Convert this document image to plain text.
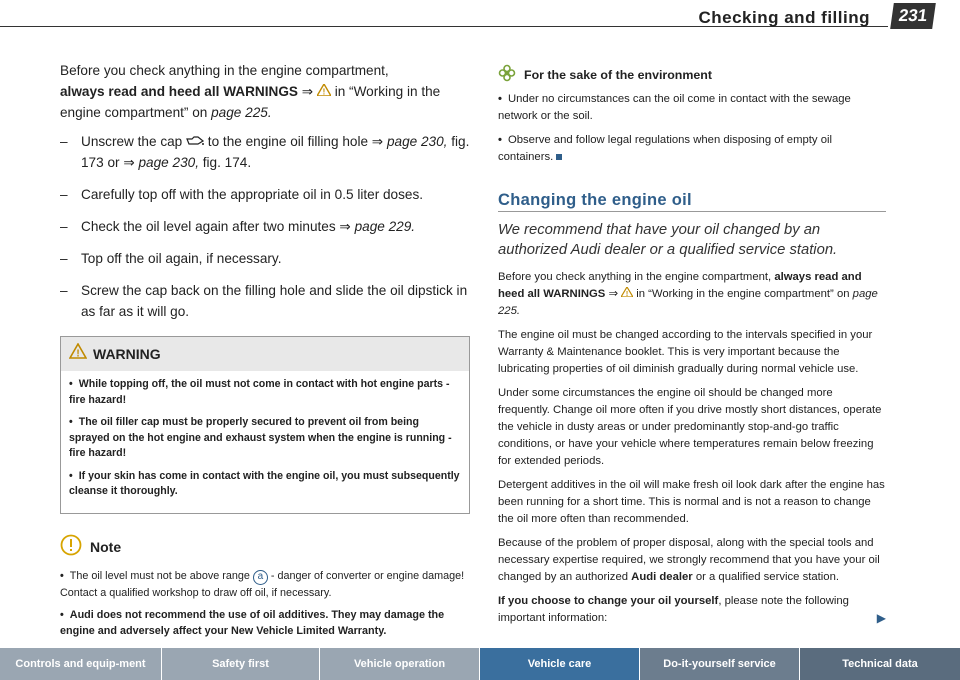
Checking and filling	231

Before you check anything in the engine compartment,
always read and heed all WARNINGS ⇒ ! in “Working in the engine compartment” on page 225.

– Unscrew the cap  to the engine oil filling hole ⇒ page 230, fig. 173 or ⇒ page 230, fig. 174.
– Carefully top off with the appropriate oil in 0.5 liter doses.
– Check the oil level again after two minutes ⇒ page 229.
– Top off the oil again, if necessary.
– Screw the cap back on the filling hole and slide the oil dipstick in as far as it will go.
! WARNING

• While topping off, the oil must not come in contact with hot engine parts - fire hazard!

• The oil filler cap must be properly secured to prevent oil from being sprayed on the hot engine and exhaust system when the engine is running - fire hazard!

• If your skin has come in contact with the engine oil, you must subsequently cleanse it thoroughly.

Note

• The oil level must not be above range a - danger of converter or engine damage! Contact a qualified workshop to draw off oil, if necessary.

• Audi does not recommend the use of oil additives. They may damage the engine and adversely affect your New Vehicle Limited Warranty.

For the sake of the environment

• Under no circumstances can the oil come in contact with the sewage network or the soil.

• Observe and follow legal regulations when disposing of empty oil containers.

Changing the engine oil
We recommend that have your oil changed by an authorized Audi dealer or a qualified service station.

Before you check anything in the engine compartment, always read and heed all WARNINGS ⇒ ! in “Working in the engine compartment” on page 225.

The engine oil must be changed according to the intervals specified in your Warranty & Maintenance booklet. This is very important because the lubricating properties of oil diminish gradually during normal vehicle use.

Under some circumstances the engine oil should be changed more frequently. Change oil more often if you drive mostly short distances, operate the vehicle in dusty areas or under predominantly stop-and-go traffic conditions, or have your vehicle where temperatures remain below freezing for extended periods.

Detergent additives in the oil will make fresh oil look dark after the engine has been running for a short time. This is normal and is not a reason to change the oil more often than recommended.

Because of the problem of proper disposal, along with the special tools and necessary expertise required, we strongly recommend that you have your oil changed by an authorized Audi dealer or a qualified service station.

If you choose to change your oil yourself, please note the following important information:	▶

Controls and equip-ment	Safety first	Vehicle operation	Vehicle care	Do-it-yourself service	Technical data
